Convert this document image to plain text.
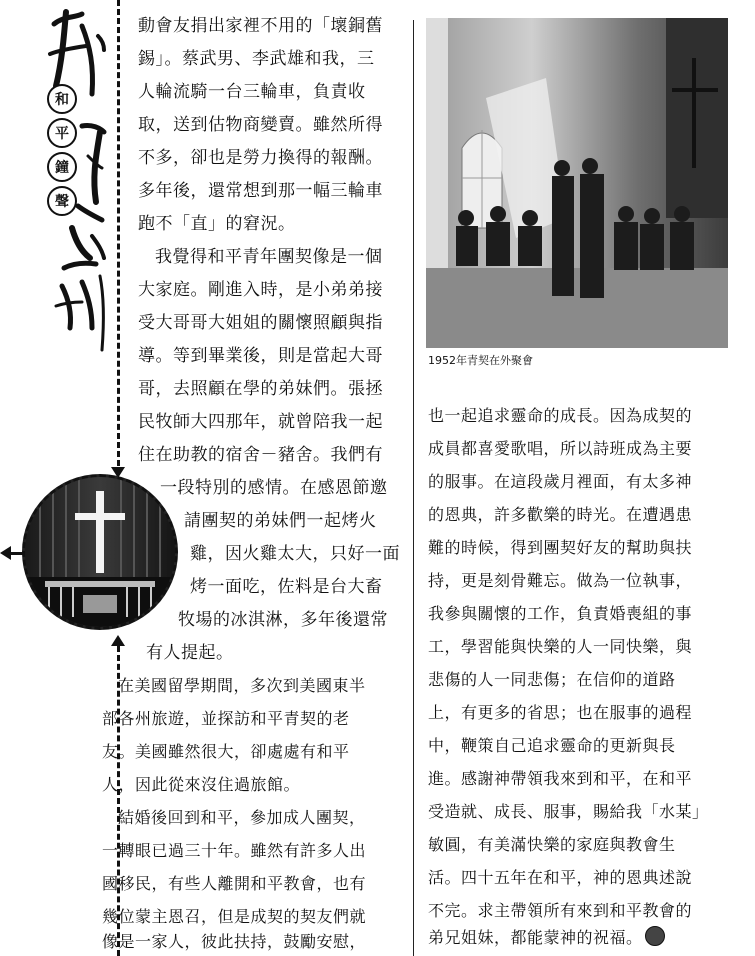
和
平
鐘
聲
動會友捐出家裡不用的「壞銅舊
錫」。蔡武男、李武雄和我，三
人輪流騎一台三輪車，負責收
取，送到估物商變賣。雖然所得
不多，卻也是勞力換得的報酬。
多年後，還常想到那一幅三輪車
跑不「直」的窘況。
我覺得和平青年團契像是一個
大家庭。剛進入時，是小弟弟接
受大哥哥大姐姐的關懷照顧與指
導。等到畢業後，則是當起大哥
哥，去照顧在學的弟妹們。張拯
民牧師大四那年，就曾陪我一起
住在助教的宿舍－豬舍。我們有
一段特別的感情。在感恩節邀
請團契的弟妹們一起烤火
雞，因火雞太大，只好一面
烤一面吃，佐料是台大畜
牧場的冰淇淋，多年後還常
有人提起。
在美國留學期間，多次到美國東半
部各州旅遊，並探訪和平青契的老
友。美國雖然很大，卻處處有和平
人，因此從來沒住過旅館。
結婚後回到和平，參加成人團契，
一轉眼已過三十年。雖然有許多人出
國移民，有些人離開和平教會，也有
幾位蒙主恩召，但是成契的契友們就
像是一家人，彼此扶持，鼓勵安慰，
1952年青契在外聚會
也一起追求靈命的成長。因為成契的
成員都喜愛歌唱，所以詩班成為主要
的服事。在這段歲月裡面，有太多神
的恩典，許多歡樂的時光。在遭遇患
難的時候，得到團契好友的幫助與扶
持，更是刻骨難忘。做為一位執事，
我參與關懷的工作，負責婚喪組的事
工，學習能與快樂的人一同快樂，與
悲傷的人一同悲傷；在信仰的道路
上，有更多的省思；也在服事的過程
中，鞭策自己追求靈命的更新與長
進。感謝神帶領我來到和平，在和平
受造就、成長、服事，賜給我「水某」
敏圓，有美滿快樂的家庭與教會生
活。四十五年在和平，神的恩典述說
不完。求主帶領所有來到和平教會的
弟兄姐妹，都能蒙神的祝福。
